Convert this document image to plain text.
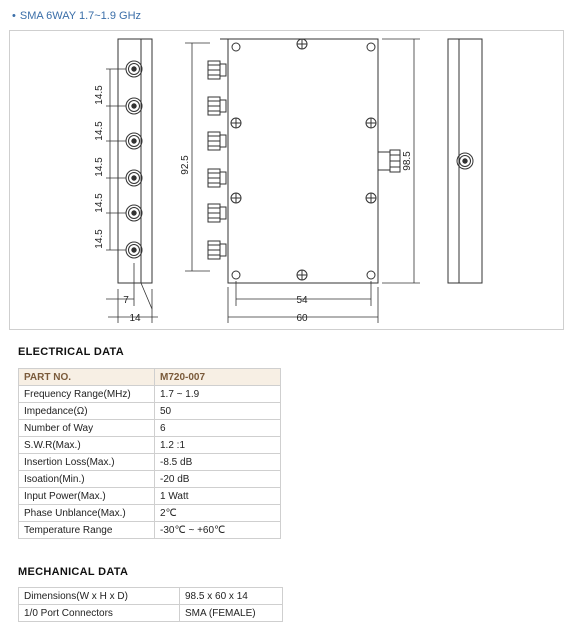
• SMA 6WAY 1.7~1.9 GHz
14.5
14.5
14.5
14.5
14.5
7
14
92.5	98.5
54
60
ELECTRICAL DATA
PART NO.	M720-007
Frequency Range(MHz)	1.7 ~ 1.9
Impedance(Ω)	50
Number of Way	6
S.W.R(Max.)	1.2 :1
Insertion Loss(Max.)	-8.5 dB
Isoation(Min.)	-20 dB
Input Power(Max.)	1 Watt
Phase Unblance(Max.)	2℃
Temperature Range	-30℃ ~ +60℃
MECHANICAL DATA
Dimensions(W x H x D)	98.5 x 60 x 14
1/0 Port Connectors	SMA (FEMALE)
